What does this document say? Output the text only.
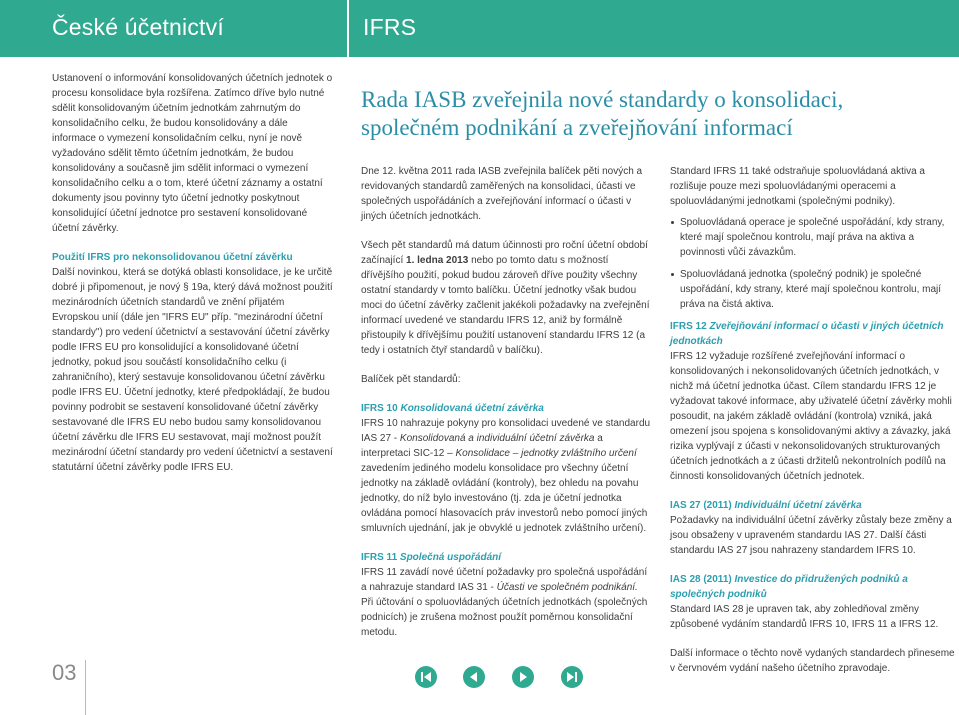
České účetnictví	IFRS

Ustanovení o informování konsolidovaných účetních jednotek o procesu konsolidace byla rozšířena. Zatímco dříve bylo nutné sdělit konsolidovaným účetním jednotkám zahrnutým do konsolidačního celku, že budou konsolidovány a dále informace o vymezení konsolidačním celku, nyní je nově vyžadováno sdělit těmto účetním jednotkám, že budou konsolidovány a současně jim sdělit informaci o vymezení konsolidačního celku a o tom, které účetní záznamy a ostatní dokumenty jsou povinny tyto účetní jednotky poskytnout konsolidující účetní jednotce pro sestavení konsolidované účetní závěrky.

Použití IFRS pro nekonsolidovanou účetní závěrku

Další novinkou, která se dotýká oblasti konsolidace, je ke určitě dobré ji připomenout, je nový § 19a, který dává možnost použití mezinárodních účetních standardů ve znění přijatém Evropskou unií (dále jen "IFRS EU" příp. "mezinárodní účetní standardy") pro vedení účetnictví a sestavování účetní závěrky podle IFRS EU pro konsolidující a konsolidované účetní jednotky, pokud jsou součástí konsolidačního celku (i zahraničního), který sestavuje konsolidovanou účetní závěrku podle IFRS EU. Účetní jednotky, které předpokládají, že budou povinny podrobit se sestavení konsolidované účetní závěrky sestavované dle IFRS EU nebo budou samy konsolidovanou účetní závěrku dle IFRS EU sestavovat, mají možnost použít mezinárodní účetní standardy pro vedení účetnictví a sestavení statutární účetní závěrky podle IFRS EU.

Rada IASB zveřejnila nové standardy o konsolidaci, společném podnikání a zveřejňování informací

Dne 12. května 2011 rada IASB zveřejnila balíček pěti nových a revidovaných standardů zaměřených na konsolidaci, účasti ve společných uspořádáních a zveřejňování informací o účasti v jiných účetních jednotkách.

Všech pět standardů má datum účinnosti pro roční účetní období začínající 1. ledna 2013 nebo po tomto datu s možností dřívějšího použití, pokud budou zároveň dříve použity všechny ostatní standardy v tomto balíčku. Účetní jednotky však budou moci do účetní závěrky začlenit jakékoli požadavky na zveřejnění informací uvedené ve standardu IFRS 12, aniž by formálně přistoupily k dřívějšímu použití ustanovení standardu IFRS 12 (a tedy i ostatních čtyř standardů v balíčku).

Balíček pět standardů:

IFRS 10 Konsolidovaná účetní závěrka

IFRS 10 nahrazuje pokyny pro konsolidaci uvedené ve standardu IAS 27 - Konsolidovaná a individuální účetní závěrka a interpretaci SIC-12 – Konsolidace – jednotky zvláštního určení zavedením jediného modelu konsolidace pro všechny účetní jednotky na základě ovládání (kontroly), bez ohledu na povahu jednotky, do níž bylo investováno (tj. zda je účetní jednotka ovládána pomocí hlasovacích práv investorů nebo pomocí jiných smluvních ujednání, jak je obvyklé u jednotek zvláštního určení).

IFRS 11 Společná uspořádání

IFRS 11 zavádí nové účetní požadavky pro společná uspořádání a nahrazuje standard IAS 31 - Účasti ve společném podnikání. Při účtování o spoluovládaných účetních jednotkách (společných podnicích) je zrušena možnost použít poměrnou konsolidační metodu.

Standard IFRS 11 také odstraňuje spoluovládaná aktiva a rozlišuje pouze mezi spoluovládanými operacemi a spoluovládanými jednotkami (společnými podniky).

Spoluovládaná operace je společné uspořádání, kdy strany, které mají společnou kontrolu, mají práva na aktiva a povinnosti vůči závazkům.
Spoluovládaná jednotka (společný podnik) je společné uspořádání, kdy strany, které mají společnou kontrolu, mají práva na čistá aktiva.

IFRS 12 Zveřejňování informací o účasti v jiných účetních jednotkách

IFRS 12 vyžaduje rozšířené zveřejňování informací o konsolidovaných i nekonsolidovaných účetních jednotkách, v nichž má účetní jednotka účast. Cílem standardu IFRS 12 je vyžadovat takové informace, aby uživatelé účetní závěrky mohli posoudit, na jakém základě ovládání (kontrola) vzniká, jaká omezení jsou spojena s konsolidovanými aktivy a závazky, jaká rizika vyplývají z účasti v nekonsolidovaných strukturovaných účetních jednotkách a z účasti držitelů nekontrolních podílů na činnosti konsolidovaných účetních jednotek.

IAS 27 (2011) Individuální účetní závěrka

Požadavky na individuální účetní závěrky zůstaly beze změny a jsou obsaženy v upraveném standardu IAS 27. Další části standardu IAS 27 jsou nahrazeny standardem IFRS 10.

IAS 28 (2011) Investice do přidružených podniků a společných podniků

Standard IAS 28 je upraven tak, aby zohledňoval změny způsobené vydáním standardů IFRS 10, IFRS 11 a IFRS 12.

Další informace o těchto nově vydaných standardech přineseme v červnovém vydání našeho účetního zpravodaje.

03
